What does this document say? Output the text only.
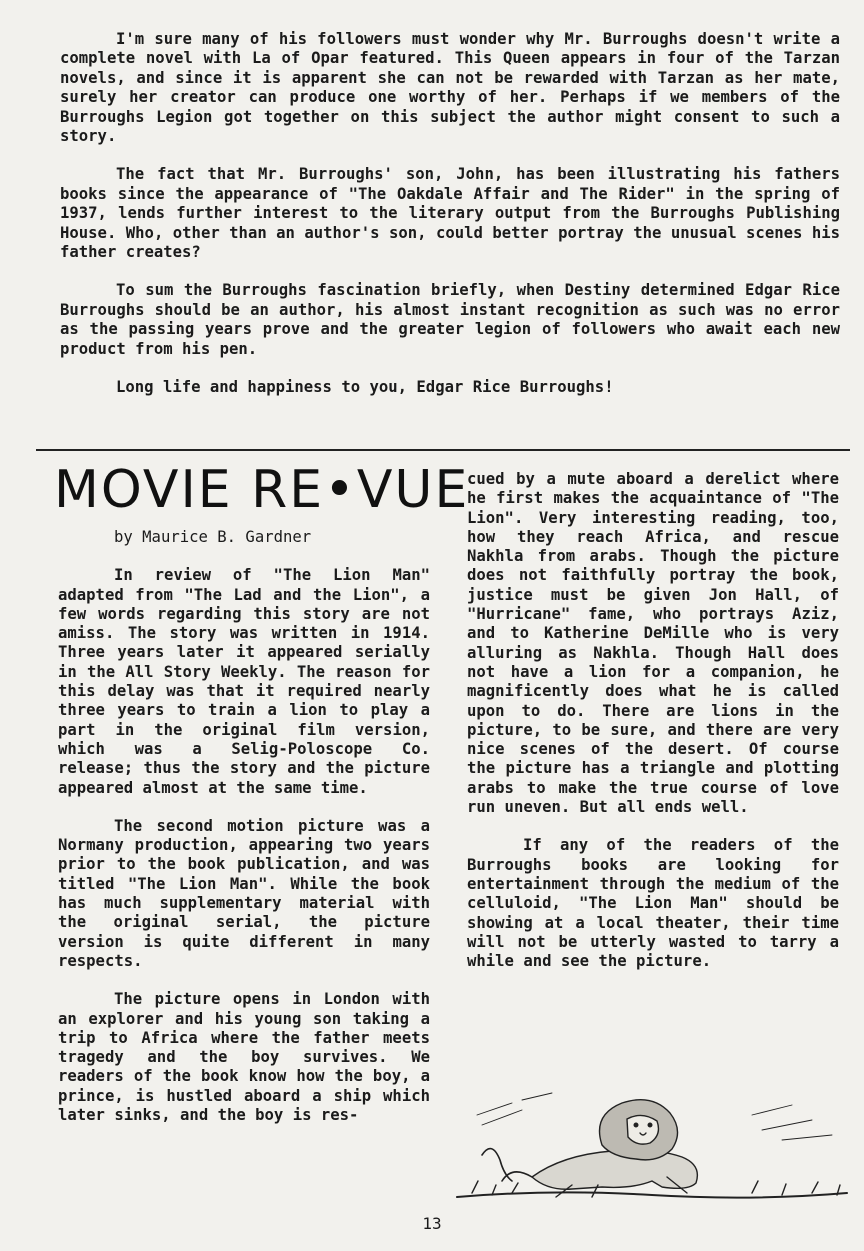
I'm sure many of his followers must wonder why Mr. Burroughs doesn't write a complete novel with La of Opar featured. This Queen appears in four of the Tarzan novels, and since it is apparent she can not be rewarded with Tarzan as her mate, surely her creator can produce one worthy of her. Perhaps if we members of the Burroughs Legion got together on this subject the author might consent to such a story.

The fact that Mr. Burroughs' son, John, has been illustrating his fathers books since the appearance of "The Oakdale Affair and The Rider" in the spring of 1937, lends further interest to the literary output from the Burroughs Publishing House. Who, other than an author's son, could better portray the unusual scenes his father creates?

To sum the Burroughs fascination briefly, when Destiny determined Edgar Rice Burroughs should be an author, his almost instant recognition as such was no error as the passing years prove and the greater legion of followers who await each new product from his pen.

Long life and happiness to you, Edgar Rice Burroughs!

MOVIE RE•VUE

by Maurice B. Gardner

In review of "The Lion Man" adapted from "The Lad and the Lion", a few words regarding this story are not amiss. The story was written in 1914. Three years later it appeared serially in the All Story Weekly. The reason for this delay was that it required nearly three years to train a lion to play a part in the original film version, which was a Selig-Poloscope Co. release; thus the story and the picture appeared almost at the same time.

The second motion picture was a Normany production, appearing two years prior to the book publication, and was titled "The Lion Man". While the book has much supplementary material with the original serial, the picture version is quite different in many respects.

The picture opens in London with an explorer and his young son taking a trip to Africa where the father meets tragedy and the boy survives. We readers of the book know how the boy, a prince, is hustled aboard a ship which later sinks, and the boy is res-

cued by a mute aboard a derelict where he first makes the acquaintance of "The Lion". Very interesting reading, too, how they reach Africa, and rescue Nakhla from arabs. Though the picture does not faithfully portray the book, justice must be given Jon Hall, of "Hurricane" fame, who portrays Aziz, and to Katherine DeMille who is very alluring as Nakhla. Though Hall does not have a lion for a companion, he magnificently does what he is called upon to do. There are lions in the picture, to be sure, and there are very nice scenes of the desert. Of course the picture has a triangle and plotting arabs to make the true course of love run uneven. But all ends well.

If any of the readers of the Burroughs books are looking for entertainment through the medium of the celluloid, "The Lion Man" should be showing at a local theater, their time will not be utterly wasted to tarry a while and see the picture.

13
